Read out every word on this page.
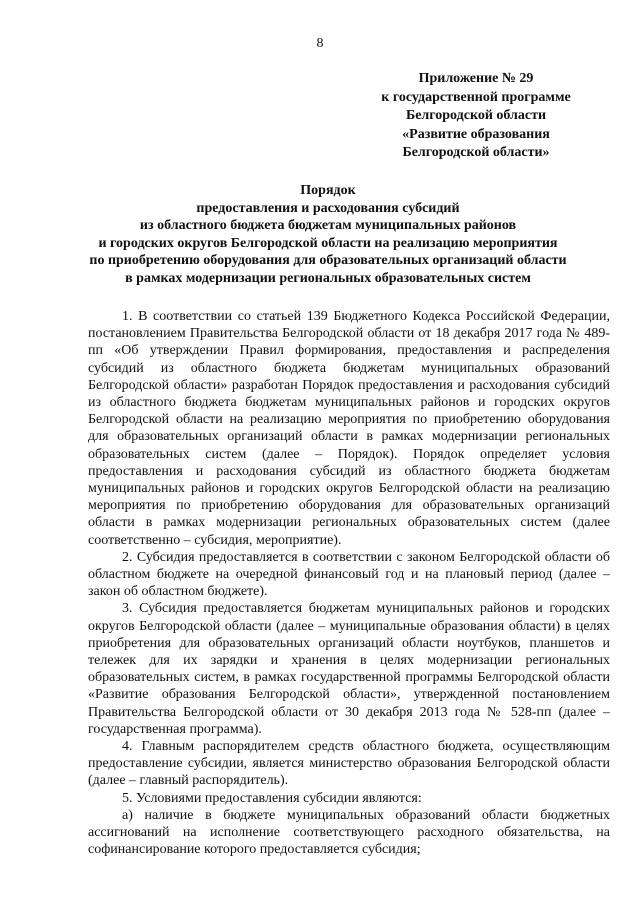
8
Приложение № 29
к государственной программе
Белгородской области
«Развитие образования
Белгородской области»
Порядок
предоставления и расходования субсидий
из областного бюджета бюджетам муниципальных районов
и городских округов Белгородской области на реализацию мероприятия
по приобретению оборудования для образовательных организаций области
в рамках модернизации региональных образовательных систем

1. В соответствии со статьей 139 Бюджетного Кодекса Российской Федерации, постановлением Правительства Белгородской области от 18 декабря 2017 года № 489-пп «Об утверждении Правил формирования, предоставления и распределения субсидий из областного бюджета бюджетам муниципальных образований Белгородской области» разработан Порядок предоставления и расходования субсидий из областного бюджета бюджетам муниципальных районов и городских округов Белгородской области на реализацию мероприятия по приобретению оборудования для образовательных организаций области в рамках модернизации региональных образовательных систем (далее – Порядок). Порядок определяет условия предоставления и расходования субсидий из областного бюджета бюджетам муниципальных районов и городских округов Белгородской области на реализацию мероприятия по приобретению оборудования для образовательных организаций области в рамках модернизации региональных образовательных систем (далее соответственно – субсидия, мероприятие).

2. Субсидия предоставляется в соответствии с законом Белгородской области об областном бюджете на очередной финансовый год и на плановый период (далее – закон об областном бюджете).

3. Субсидия предоставляется бюджетам муниципальных районов и городских округов Белгородской области (далее – муниципальные образования области) в целях приобретения для образовательных организаций области ноутбуков, планшетов и тележек для их зарядки и хранения в целях модернизации региональных образовательных систем, в рамках государственной программы Белгородской области «Развитие образования Белгородской области», утвержденной постановлением Правительства Белгородской области от 30 декабря 2013 года № 528-пп (далее – государственная программа).

4. Главным распорядителем средств областного бюджета, осуществляющим предоставление субсидии, является министерство образования Белгородской области (далее – главный распорядитель).

5. Условиями предоставления субсидии являются:

а) наличие в бюджете муниципальных образований области бюджетных ассигнований на исполнение соответствующего расходного обязательства, на софинансирование которого предоставляется субсидия;
